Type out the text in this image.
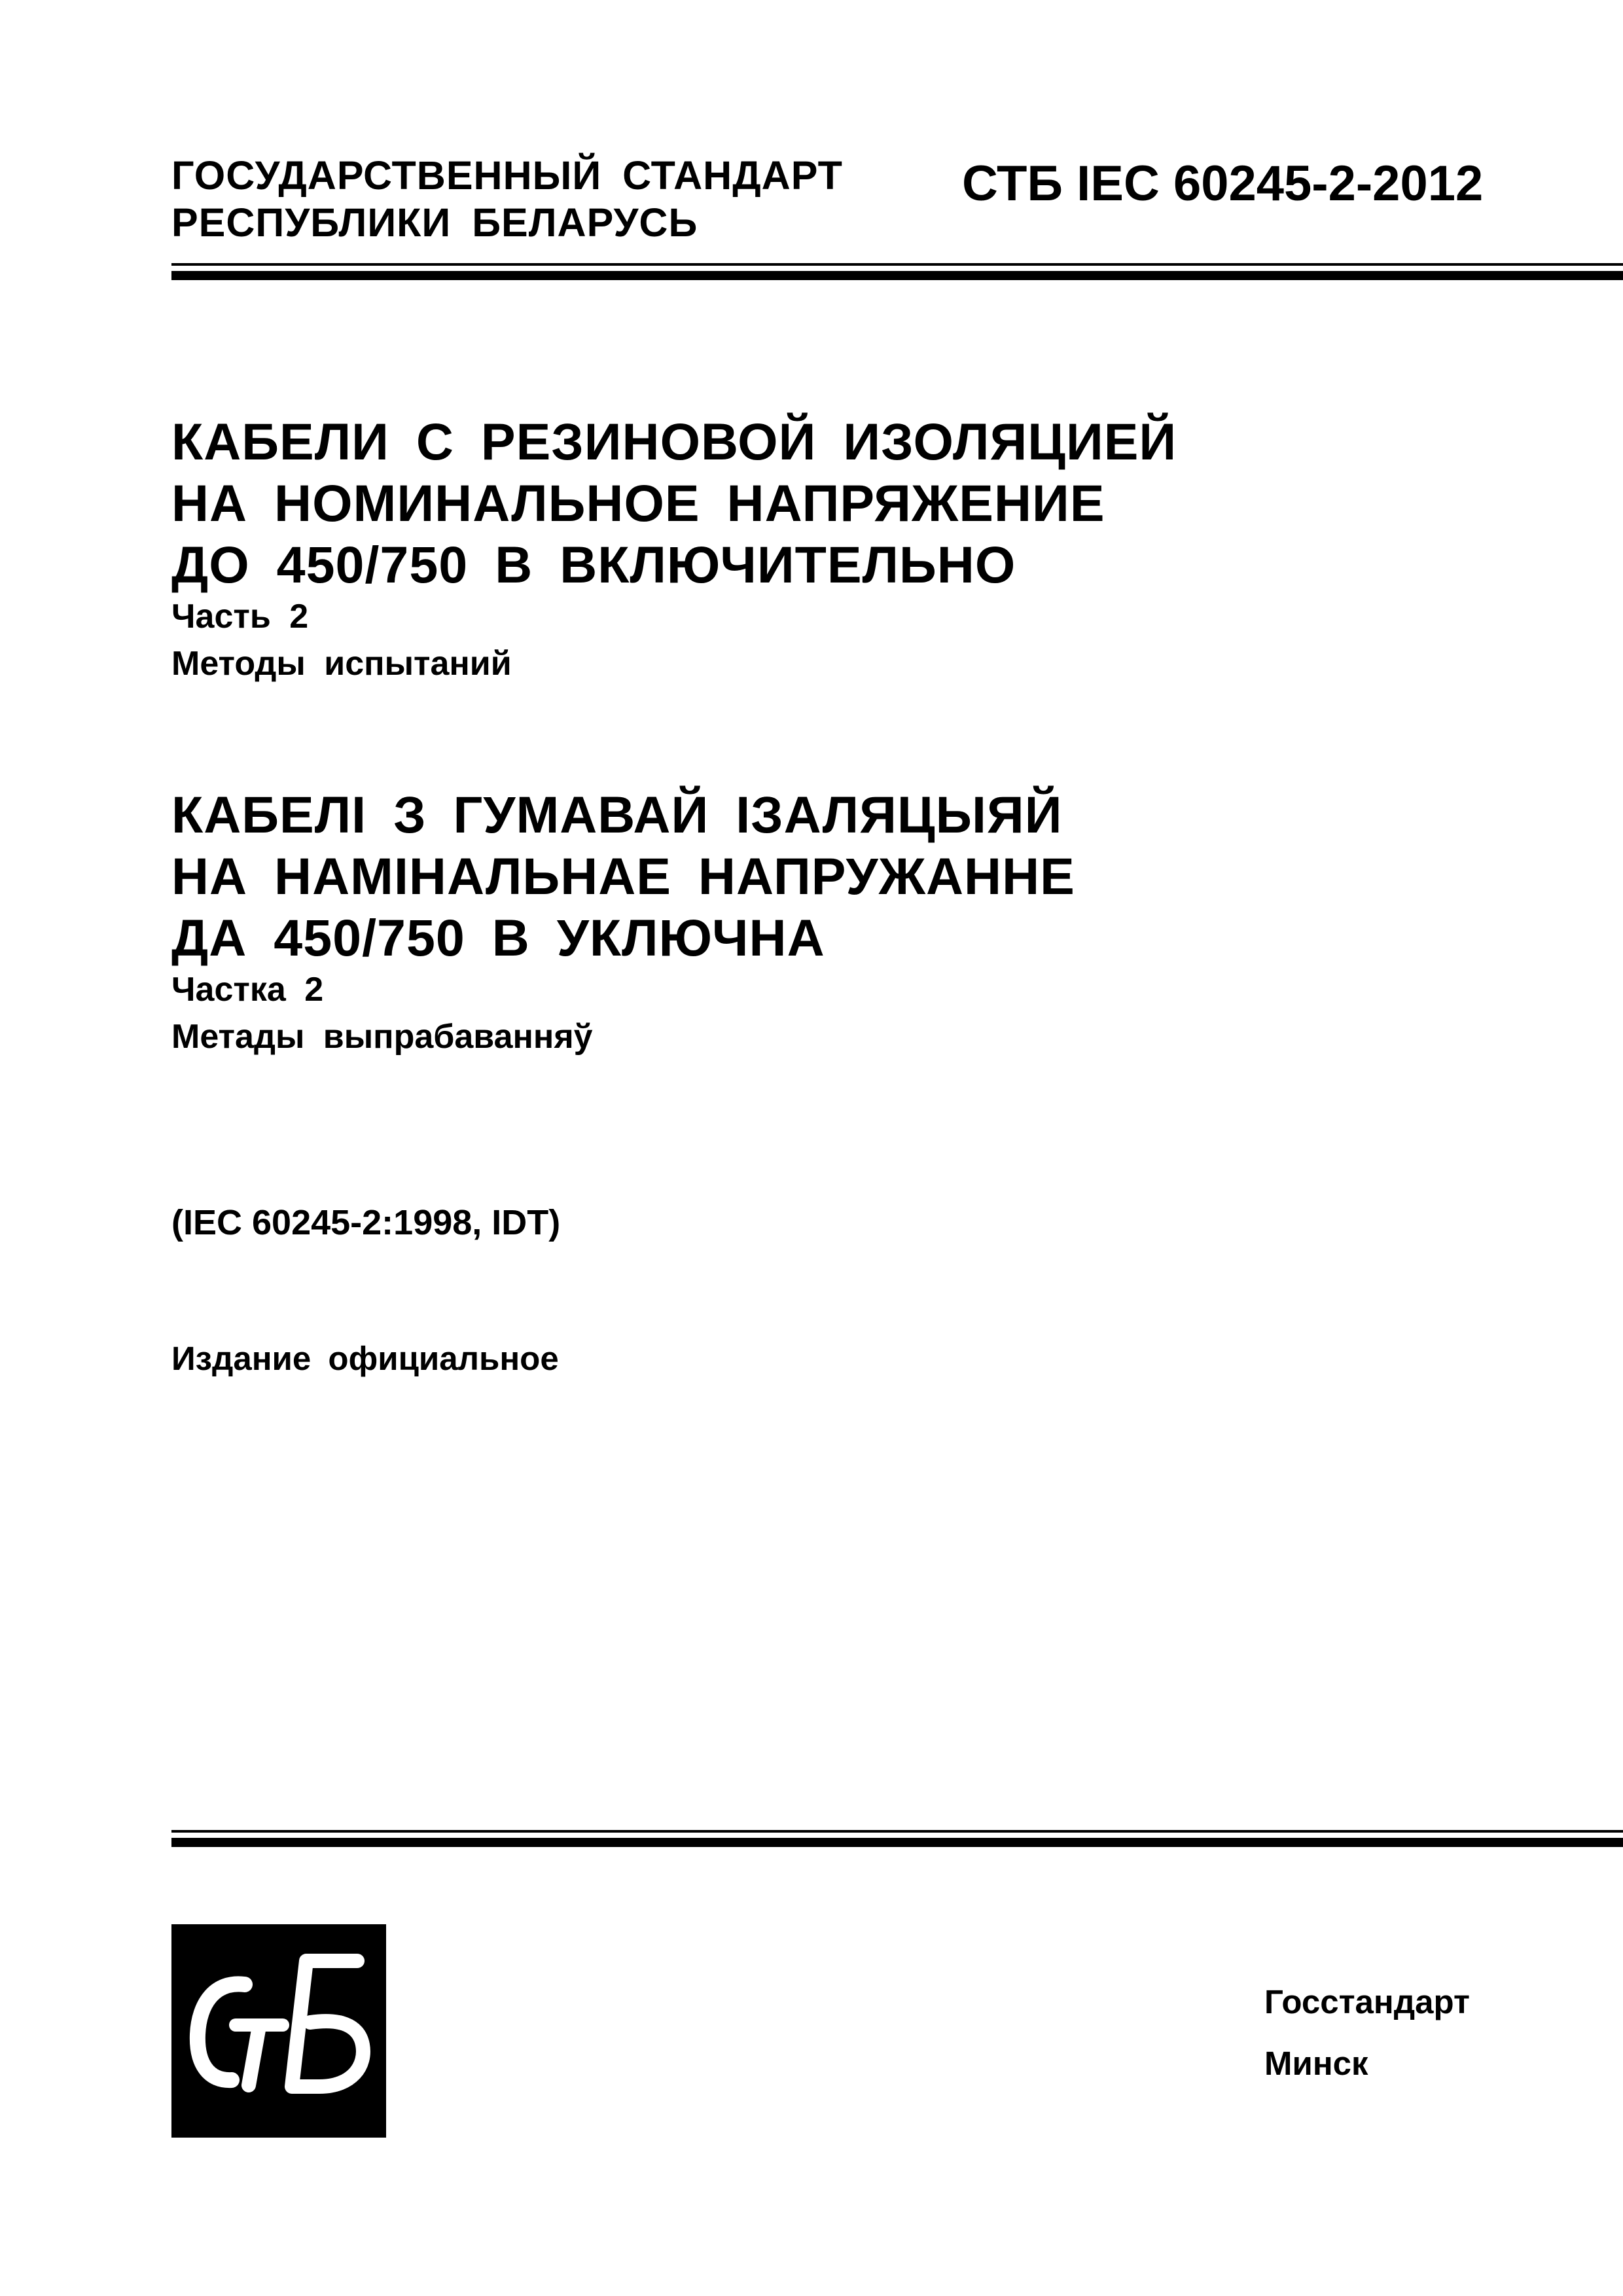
ГОСУДАРСТВЕННЫЙ СТАНДАРТ
РЕСПУБЛИКИ БЕЛАРУСЬ
СТБ IEC 60245-2-2012
КАБЕЛИ С РЕЗИНОВОЙ ИЗОЛЯЦИЕЙ
НА НОМИНАЛЬНОЕ НАПРЯЖЕНИЕ
ДО 450/750 В ВКЛЮЧИТЕЛЬНО
Часть 2
Методы испытаний
КАБЕЛІ З ГУМАВАЙ ІЗАЛЯЦЫЯЙ
НА НАМІНАЛЬНАЕ НАПРУЖАННЕ
ДА 450/750 В УКЛЮЧНА
Частка 2
Метады выпрабаванняў
(IEC 60245-2:1998, IDT)
Издание официальное
Госстандарт
Минск
